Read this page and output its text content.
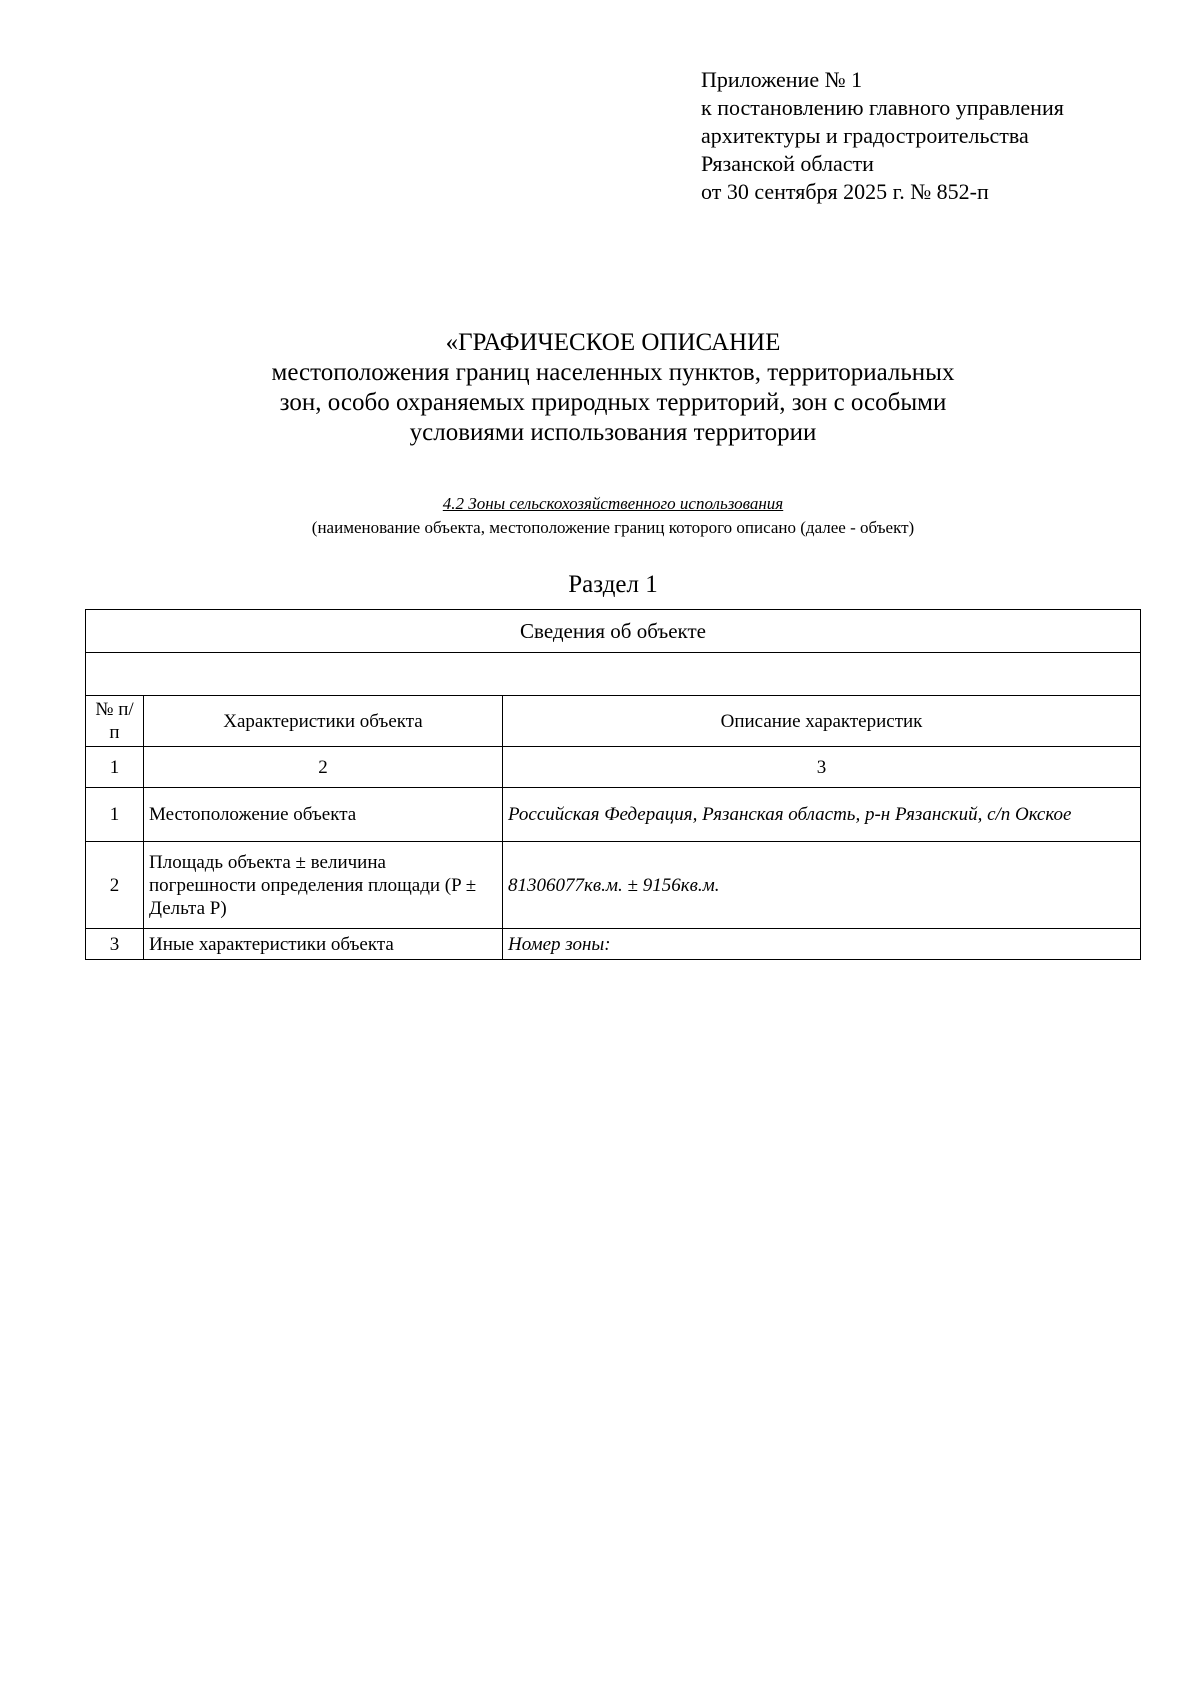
Приложение № 1
к постановлению главного управления
архитектуры и градостроительства
Рязанской области
от 30 сентября 2025 г. № 852-п
«ГРАФИЧЕСКОЕ ОПИСАНИЕ
местоположения границ населенных пунктов, территориальных
зон, особо охраняемых природных территорий, зон с особыми
условиями использования территории
4.2 Зоны сельскохозяйственного использования
(наименование объекта, местоположение границ которого описано (далее - объект)
Раздел 1
Сведения об объекте		

№ п/п	Характеристики объекта	Описание характеристик
1	2	3
1	Местоположение объекта	Российская Федерация, Рязанская область, р-н Рязанский, с/п Окское
2	Площадь объекта ± величина погрешности определения площади (P ± Дельта P)	81306077кв.м. ± 9156кв.м.
3	Иные характеристики объекта	Номер зоны:
